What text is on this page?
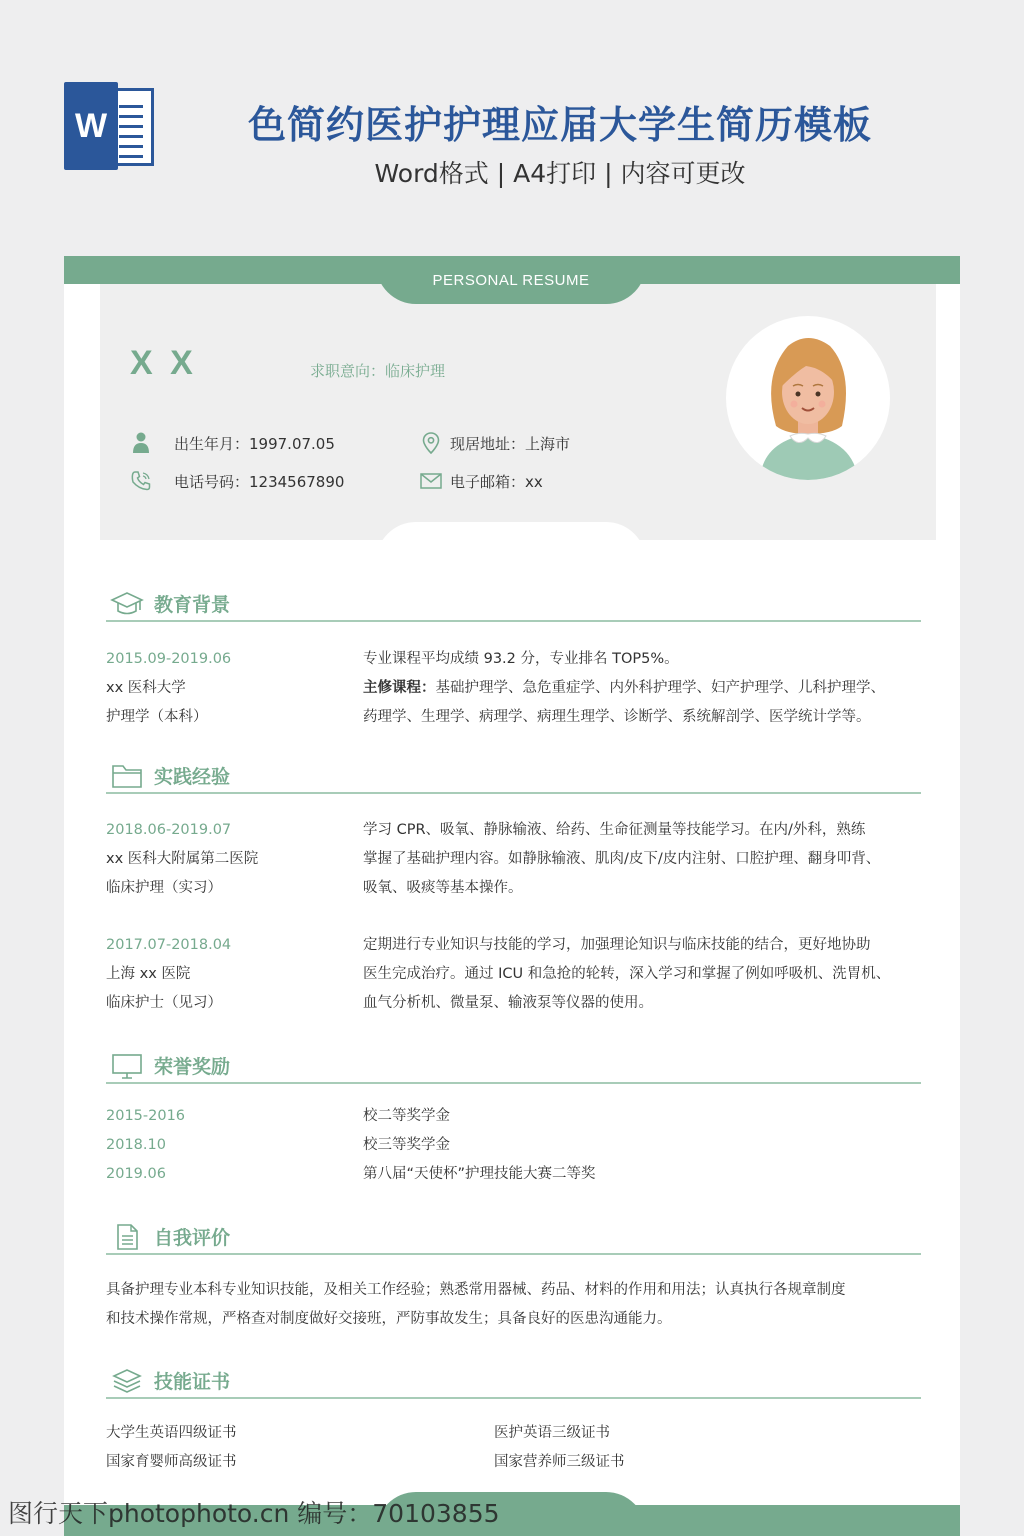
W	色简约医护护理应届大学生简历模板
Word格式 | A4打印 | 内容可更改
PERSONAL RESUME
X X	求职意向：临床护理
出生年月：1997.07.05	现居地址：上海市
电话号码：1234567890	电子邮箱：xx
教育背景
2015.09-2019.06
xx 医科大学
护理学（本科）
专业课程平均成绩 93.2 分，专业排名 TOP5%。
主修课程：基础护理学、急危重症学、内外科护理学、妇产护理学、儿科护理学、
药理学、生理学、病理学、病理生理学、诊断学、系统解剖学、医学统计学等。
实践经验
2018.06-2019.07
xx 医科大附属第二医院
临床护理（实习）
学习 CPR、吸氧、静脉输液、给药、生命征测量等技能学习。在内/外科，熟练
掌握了基础护理内容。如静脉输液、肌肉/皮下/皮内注射、口腔护理、翻身叩背、
吸氧、吸痰等基本操作。
2017.07-2018.04
上海 xx 医院
临床护士（见习）
定期进行专业知识与技能的学习，加强理论知识与临床技能的结合，更好地协助
医生完成治疗。通过 ICU 和急抢的轮转，深入学习和掌握了例如呼吸机、洗胃机、
血气分析机、微量泵、输液泵等仪器的使用。
荣誉奖励
2015-2016	校二等奖学金
2018.10	校三等奖学金
2019.06	第八届“天使杯”护理技能大赛二等奖
自我评价
具备护理专业本科专业知识技能，及相关工作经验；熟悉常用器械、药品、材料的作用和用法；认真执行各规章制度
和技术操作常规，严格查对制度做好交接班，严防事故发生；具备良好的医患沟通能力。
技能证书
大学生英语四级证书	医护英语三级证书
国家育婴师高级证书	国家营养师三级证书
图行天下photophoto.cn 编号：70103855
